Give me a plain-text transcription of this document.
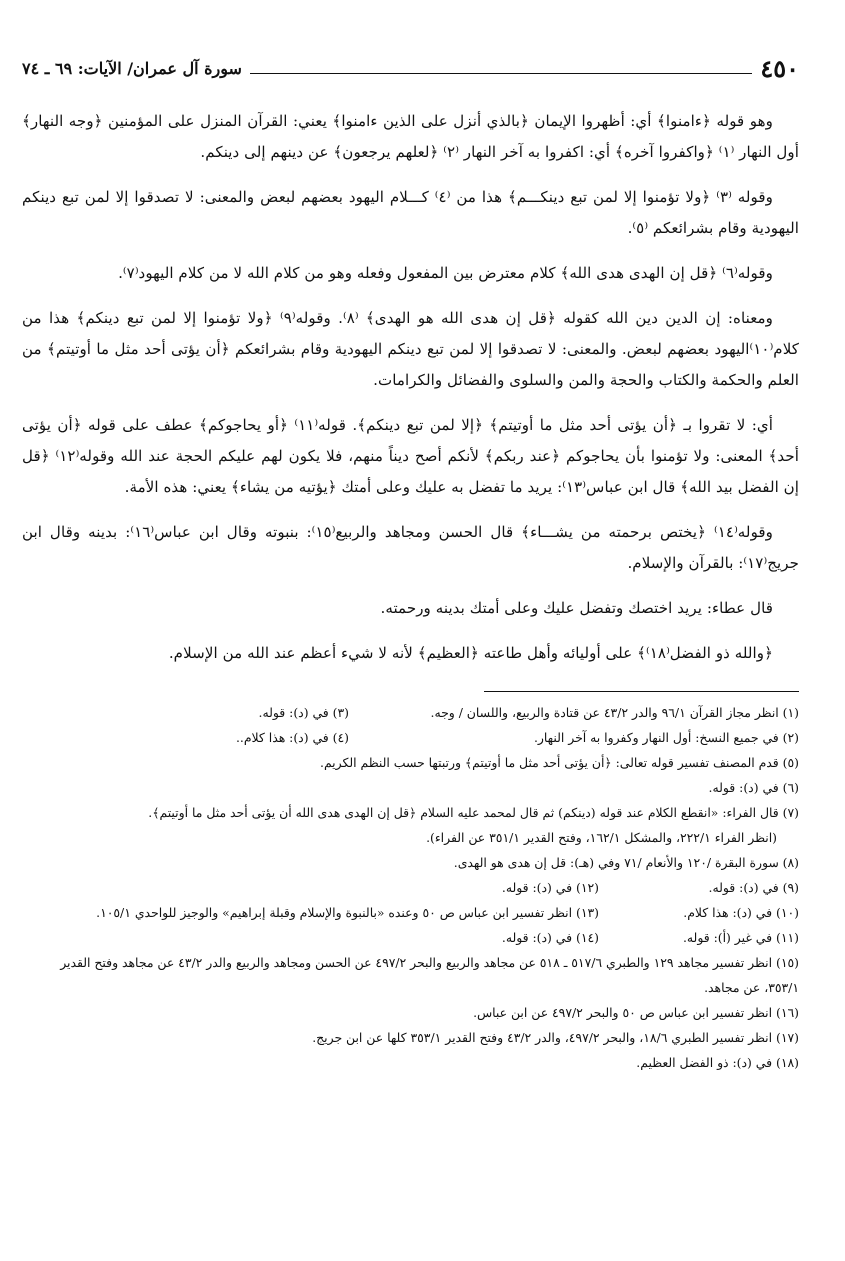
٤٥٠
سورة آل عمران/ الآيات: ٦٩ ـ ٧٤

وهو قوله ﴿ءامنوا﴾ أي: أظهروا الإيمان ﴿بالذي أنزل على الذين ءامنوا﴾ يعني: القرآن المنزل على المؤمنين ﴿وجه النهار﴾ أول النهار ⁽١⁾ ﴿واكفروا آخره﴾ أي: اكفروا به آخر النهار ⁽٢⁾ ﴿لعلهم يرجعون﴾ عن دينهم إلى دينكم.

وقوله ⁽٣⁾ ﴿ولا تؤمنوا إلا لمن تبع دينكـــم﴾ هذا من ⁽٤⁾ كـــلام اليهود بعضهم لبعض والمعنى: لا تصدقوا إلا لمن تبع دينكم اليهودية وقام بشرائعكم ⁽٥⁾.

وقوله⁽٦⁾ ﴿قل إن الهدى هدى الله﴾ كلام معترض بين المفعول وفعله وهو من كلام الله لا من كلام اليهود⁽٧⁾.

ومعناه: إن الدين دين الله كقوله ﴿قل إن هدى الله هو الهدى﴾ ⁽٨⁾. وقوله⁽٩⁾ ﴿ولا تؤمنوا إلا لمن تبع دينكم﴾ هذا من كلام⁽١٠⁾اليهود بعضهم لبعض. والمعنى: لا تصدقوا إلا لمن تبع دينكم اليهودية وقام بشرائعكم ﴿أن يؤتى أحد مثل ما أوتيتم﴾ من العلم والحكمة والكتاب والحجة والمن والسلوى والفضائل والكرامات.

أي: لا تقروا بـ ﴿أن يؤتى أحد مثل ما أوتيتم﴾ ﴿إلا لمن تبع دينكم﴾. قوله⁽١١⁾ ﴿أو يحاجوكم﴾ عطف على قوله ﴿أن يؤتى أحد﴾ المعنى: ولا تؤمنوا بأن يحاجوكم ﴿عند ربكم﴾ لأنكم أصح ديناً منهم، فلا يكون لهم عليكم الحجة عند الله وقوله⁽١٢⁾ ﴿قل إن الفضل بيد الله﴾ قال ابن عباس⁽١٣⁾: يريد ما تفضل به عليك وعلى أمتك ﴿يؤتيه من يشاء﴾ يعني: هذه الأمة.

وقوله⁽١٤⁾ ﴿يختص برحمته من يشـــاء﴾ قال الحسن ومجاهد والربيع⁽١٥⁾: بنبوته وقال ابن عباس⁽١٦⁾: بدينه وقال ابن جريج⁽١٧⁾: بالقرآن والإسلام.

قال عطاء: يريد اختصك وتفضل عليك وعلى أمتك بدينه ورحمته.

﴿والله ذو الفضل⁽١٨⁾﴾ على أوليائه وأهل طاعته ﴿العظيم﴾ لأنه لا شيء أعظم عند الله من الإسلام.

(١) انظر مجاز القرآن ٩٦/١ والدر ٤٣/٢ عن قتادة والربيع، واللسان / وجه.

(٣) في (د): قوله.

(٢) في جميع النسخ: أول النهار وكفروا به آخر النهار.

(٤) في (د): هذا كلام..

(٥) قدم المصنف تفسير قوله تعالى: ﴿أن يؤتى أحد مثل ما أوتيتم﴾ ورتبتها حسب النظم الكريم.

(٦) في (د): قوله.

(٧) قال الفراء: «انقطع الكلام عند قوله (دينكم) ثم قال لمحمد عليه السلام ﴿قل إن الهدى هدى الله أن يؤتى أحد مثل ما أوتيتم﴾.

(انظر الفراء ٢٢٢/١، والمشكل ١٦٢/١، وفتح القدير ٣٥١/١ عن الفراء).

(٨) سورة البقرة /١٢٠ والأنعام /٧١ وفي (هـ): قل إن هدى هو الهدى.

(٩) في (د): قوله.

(١٢) في (د): قوله.

(١٠) في (د): هذا كلام.

(١٣) انظر تفسير ابن عباس ص ٥٠ وعنده «بالنبوة والإسلام وقبلة إبراهيم» والوجيز للواحدي ١٠٥/١.

(١١) في غير (أ): قوله.

(١٤) في (د): قوله.

(١٥) انظر تفسير مجاهد ١٢٩ والطبري ٥١٧/٦ ـ ٥١٨ عن مجاهد والربيع والبحر ٤٩٧/٢ عن الحسن ومجاهد والربيع والدر ٤٣/٢ عن مجاهد وفتح القدير ٣٥٣/١، عن مجاهد.

(١٦) انظر تفسير ابن عباس ص ٥٠ والبحر ٤٩٧/٢ عن ابن عباس.

(١٧) انظر تفسير الطبري ١٨/٦، والبحر ٤٩٧/٢، والدر ٤٣/٢ وفتح القدير ٣٥٣/١ كلها عن ابن جريج.

(١٨) في (د): ذو الفضل العظيم.
